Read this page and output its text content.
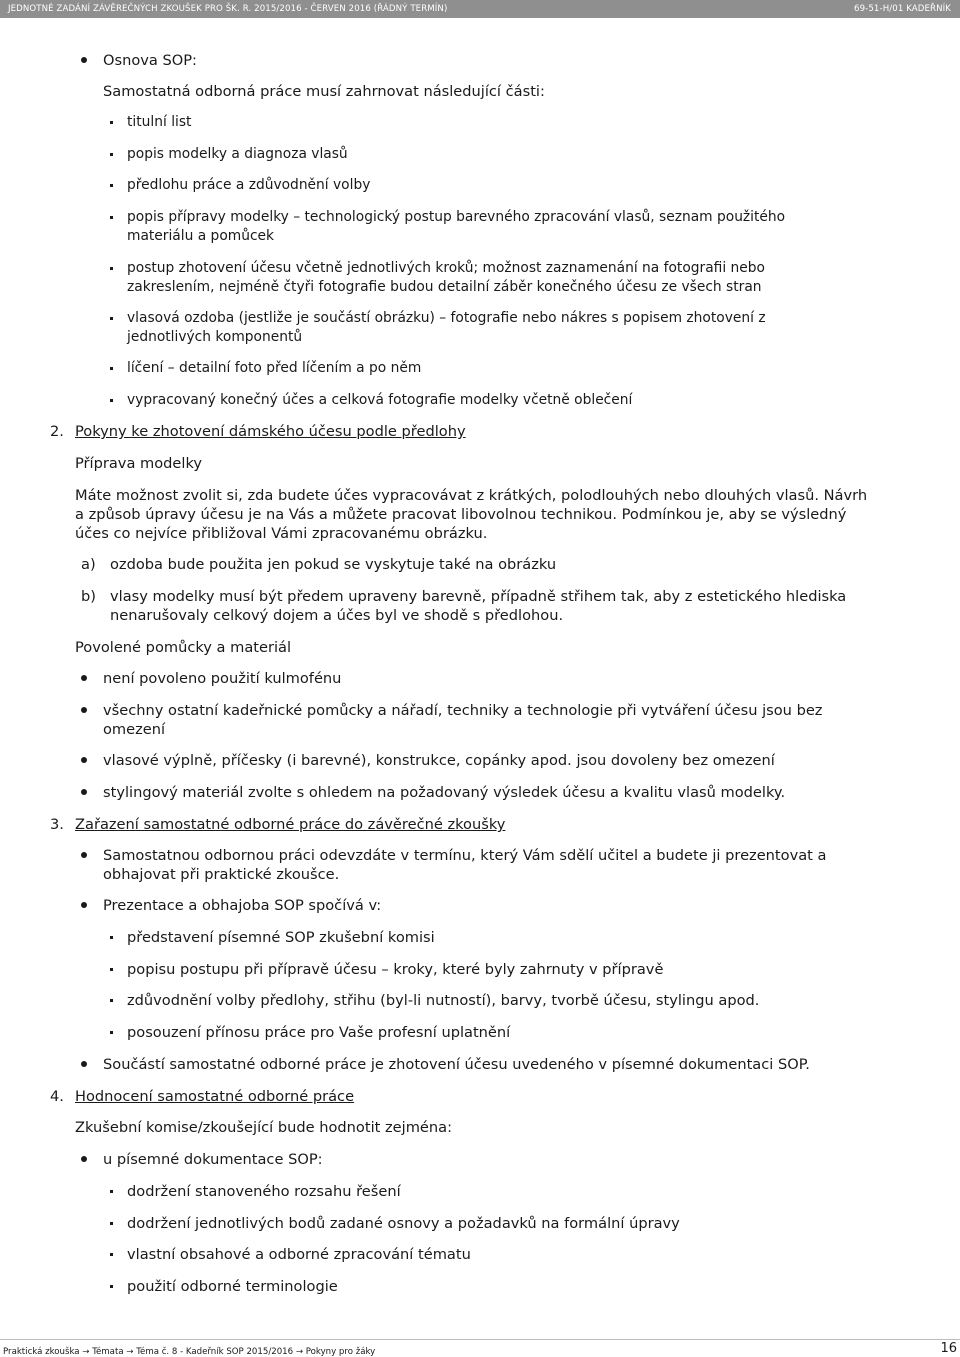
JEDNOTNÉ ZADÁNÍ ZÁVĚREČNÝCH ZKOUŠEK PRO ŠK. R. 2015/2016 - ČERVEN 2016 (ŘÁDNÝ TERMÍN)	69-51-H/01 KADEŘNÍK
Osnova SOP:
Samostatná odborná práce musí zahrnovat následující části:
titulní list
popis modelky a diagnoza vlasů
předlohu práce a zdůvodnění volby
popis přípravy modelky – technologický postup barevného zpracování vlasů, seznam použitého
materiálu a pomůcek
postup zhotovení účesu včetně jednotlivých kroků; možnost zaznamenání na fotografii nebo
zakreslením, nejméně čtyři fotografie budou detailní záběr konečného účesu ze všech stran
vlasová ozdoba (jestliže je součástí obrázku) – fotografie nebo nákres s popisem zhotovení z
jednotlivých komponentů
líčení – detailní foto před líčením a po něm
vypracovaný konečný účes a celková fotografie modelky včetně oblečení
2. Pokyny ke zhotovení dámského účesu podle předlohy
Příprava modelky
Máte možnost zvolit si, zda budete účes vypracovávat z krátkých, polodlouhých nebo dlouhých vlasů. Návrh
a způsob úpravy účesu je na Vás a můžete pracovat libovolnou technikou. Podmínkou je, aby se výsledný
účes co nejvíce přibližoval Vámi zpracovanému obrázku.
a) ozdoba bude použita jen pokud se vyskytuje také na obrázku
b) vlasy modelky musí být předem upraveny barevně, případně střihem tak, aby z estetického hlediska
nenarušovaly celkový dojem a účes byl ve shodě s předlohou.
Povolené pomůcky a materiál
není povoleno použití kulmofénu
všechny ostatní kadeřnické pomůcky a nářadí, techniky a technologie při vytváření účesu jsou bez
omezení
vlasové výplně, příčesky (i barevné), konstrukce, copánky apod. jsou dovoleny bez omezení
stylingový materiál zvolte s ohledem na požadovaný výsledek účesu a kvalitu vlasů modelky.
3. Zařazení samostatné odborné práce do závěrečné zkoušky
Samostatnou odbornou práci odevzdáte v termínu, který Vám sdělí učitel a budete ji prezentovat a
obhajovat při praktické zkoušce.
Prezentace a obhajoba SOP spočívá v:
představení písemné SOP zkušební komisi
popisu postupu při přípravě účesu – kroky, které byly zahrnuty v přípravě
zdůvodnění volby předlohy, střihu (byl-li nutností), barvy, tvorbě účesu, stylingu apod.
posouzení přínosu práce pro Vaše profesní uplatnění
Součástí samostatné odborné práce je zhotovení účesu uvedeného v písemné dokumentaci SOP.
4. Hodnocení samostatné odborné práce
Zkušební komise/zkoušející bude hodnotit zejména:
u písemné dokumentace SOP:
dodržení stanoveného rozsahu řešení
dodržení jednotlivých bodů zadané osnovy a požadavků na formální úpravy
vlastní obsahové a odborné zpracování tématu
použití odborné terminologie
Praktická zkouška → Témata → Téma č. 8 - Kadeřník SOP 2015/2016 → Pokyny pro žáky	16
